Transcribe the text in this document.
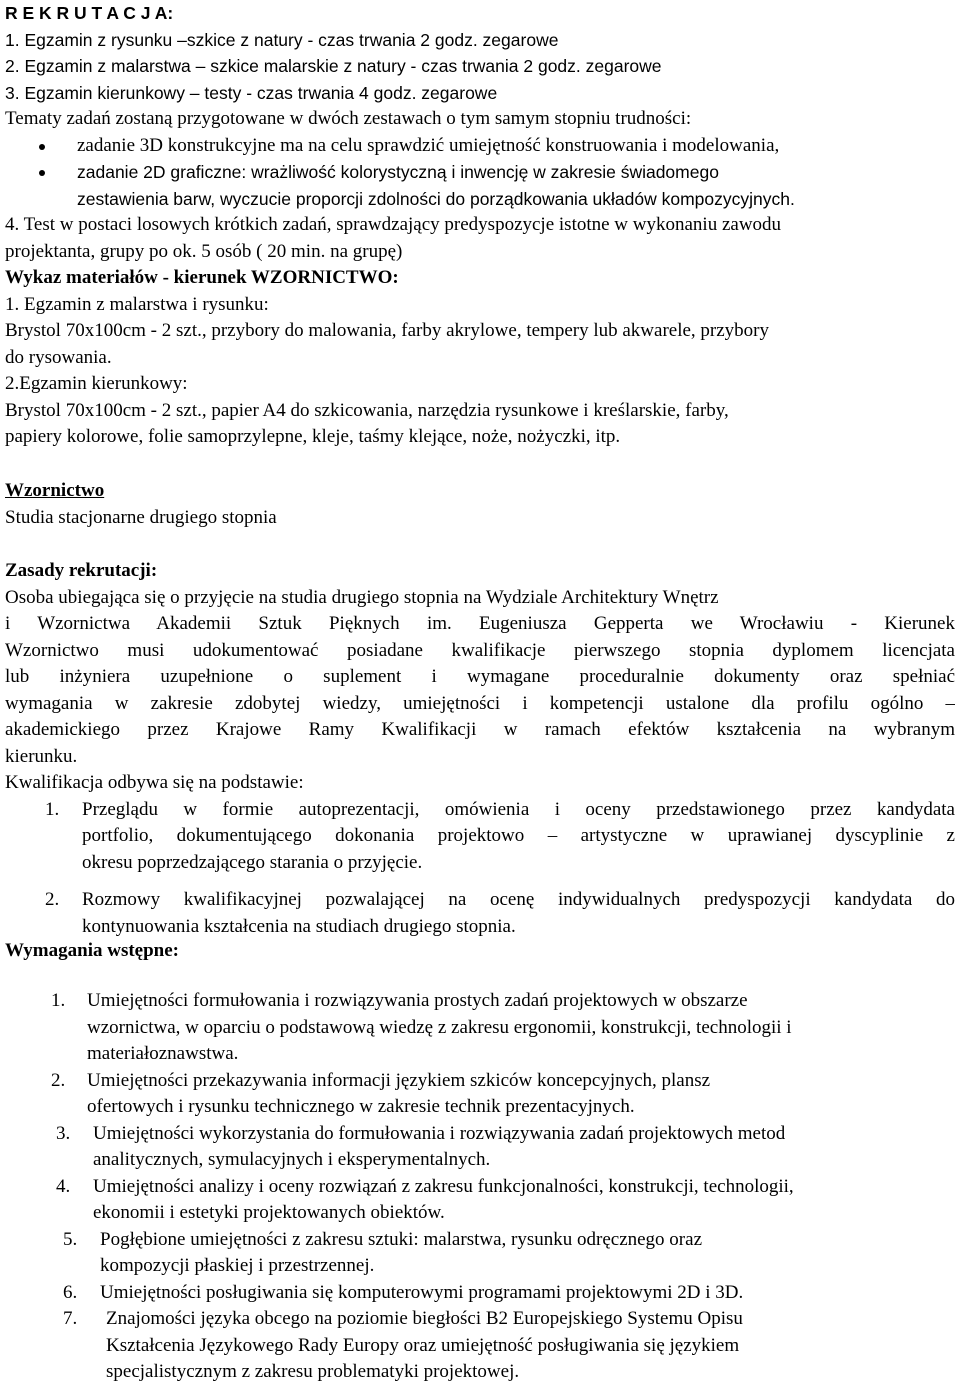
R E K R U T A C J A:
1. Egzamin z rysunku –szkice z natury - czas trwania 2 godz. zegarowe
2. Egzamin z malarstwa – szkice malarskie z natury - czas trwania 2 godz. zegarowe
3. Egzamin kierunkowy – testy - czas trwania 4 godz. zegarowe
Tematy zadań zostaną przygotowane w dwóch zestawach o tym samym stopniu trudności:
zadanie 3D konstrukcyjne ma na celu sprawdzić umiejętność konstruowania i modelowania,
zadanie 2D graficzne: wrażliwość kolorystyczną i inwencję w zakresie świadomego
zestawienia barw, wyczucie proporcji zdolności do porządkowania układów kompozycyjnych.
4. Test w postaci losowych krótkich zadań, sprawdzający predyspozycje istotne w wykonaniu zawodu
projektanta, grupy po ok. 5 osób ( 20 min. na grupę)
Wykaz materiałów - kierunek WZORNICTWO:
1. Egzamin z malarstwa i rysunku:
Brystol 70x100cm - 2 szt., przybory do malowania, farby akrylowe, tempery lub akwarele, przybory
do rysowania.
2.Egzamin kierunkowy:
Brystol 70x100cm - 2 szt., papier A4 do szkicowania, narzędzia rysunkowe i kreślarskie, farby,
papiery kolorowe, folie samoprzylepne, kleje, taśmy klejące, noże, nożyczki, itp.
Wzornictwo
Studia stacjonarne drugiego stopnia
Zasady rekrutacji:
Osoba ubiegająca się o przyjęcie na studia drugiego stopnia na Wydziale Architektury Wnętrz
i Wzornictwa Akademii Sztuk Pięknych im. Eugeniusza Gepperta we Wrocławiu - Kierunek
Wzornictwo musi udokumentować posiadane kwalifikacje pierwszego stopnia dyplomem licencjata
lub inżyniera uzupełnione o suplement i wymagane proceduralnie dokumenty oraz spełniać
wymagania w zakresie zdobytej wiedzy, umiejętności i kompetencji ustalone dla profilu ogólno –
akademickiego przez Krajowe Ramy Kwalifikacji w ramach efektów kształcenia na wybranym
kierunku.
Kwalifikacja odbywa się na podstawie:
1. Przeglądu w formie autoprezentacji, omówienia i oceny przedstawionego przez kandydata
portfolio, dokumentującego dokonania projektowo – artystyczne w uprawianej dyscyplinie z
okresu poprzedzającego starania o przyjęcie.
2. Rozmowy kwalifikacyjnej pozwalającej na ocenę indywidualnych predyspozycji kandydata do
kontynuowania kształcenia na studiach drugiego stopnia.
Wymagania wstępne:
1. Umiejętności formułowania i rozwiązywania prostych zadań projektowych w obszarze
wzornictwa, w oparciu o podstawową wiedzę z zakresu ergonomii, konstrukcji, technologii i
materiałoznawstwa.
2. Umiejętności przekazywania informacji językiem szkiców koncepcyjnych, plansz
ofertowych i rysunku technicznego w zakresie technik prezentacyjnych.
3. Umiejętności wykorzystania do formułowania i rozwiązywania zadań projektowych metod
analitycznych, symulacyjnych i eksperymentalnych.
4. Umiejętności analizy i oceny rozwiązań z zakresu funkcjonalności, konstrukcji, technologii,
ekonomii i estetyki projektowanych obiektów.
5. Pogłębione umiejętności z zakresu sztuki: malarstwa, rysunku odręcznego oraz
kompozycji płaskiej i przestrzennej.
6. Umiejętności posługiwania się komputerowymi programami projektowymi 2D i 3D.
7. Znajomości języka obcego na poziomie biegłości B2 Europejskiego Systemu Opisu
Kształcenia Językowego Rady Europy oraz umiejętność posługiwania się językiem
specjalistycznym z zakresu problematyki projektowej.
